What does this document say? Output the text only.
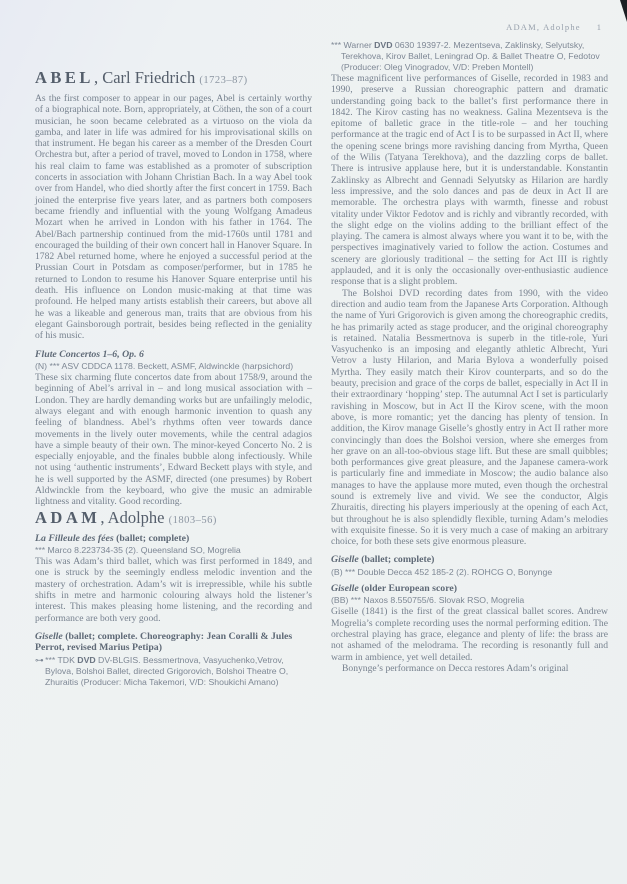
ADAM, Adolphe 1
ABEL, Carl Friedrich (1723–87)

As the first composer to appear in our pages, Abel is certainly worthy of a biographical note. Born, appropriately, at Cöthen, the son of a court musician, he soon became celebrated as a virtuoso on the viola da gamba, and later in life was admired for his improvisational skills on that instrument. He began his career as a member of the Dresden Court Orchestra but, after a period of travel, moved to London in 1758, where his real claim to fame was established as a promoter of subscription concerts in association with Johann Christian Bach. In a way Abel took over from Handel, who died shortly after the first concert in 1759. Bach joined the enterprise five years later, and as partners both composers became friendly and influential with the young Wolfgang Amadeus Mozart when he arrived in London with his father in 1764. The Abel/Bach partnership continued from the mid-1760s until 1781 and encouraged the building of their own concert hall in Hanover Square. In 1782 Abel returned home, where he enjoyed a successful period at the Prussian Court in Potsdam as composer/performer, but in 1785 he returned to London to resume his Hanover Square enterprise until his death. His influence on London music-making at that time was profound. He helped many artists establish their careers, but above all he was a likeable and generous man, traits that are obvious from his elegant Gainsborough portrait, besides being reflected in the geniality of his music.

Flute Concertos 1–6, Op. 6

(N) *** ASV CDDCA 1178. Beckett, ASMF, Aldwinckle (harpsichord)

These six charming flute concertos date from about 1758/9, around the beginning of Abel’s arrival in – and long musical association with – London. They are hardly demanding works but are unfailingly melodic, always elegant and with enough harmonic invention to quash any feeling of blandness. Abel’s rhythms often veer towards dance movements in the lively outer movements, while the central adagios have a simple beauty of their own. The minor-keyed Concerto No. 2 is especially enjoyable, and the finales bubble along infectiously. While not using ‘authentic instruments’, Edward Beckett plays with style, and he is well supported by the ASMF, directed (one presumes) by Robert Aldwinckle from the keyboard, who give the music an admirable lightness and vitality. Good recording.

ADAM, Adolphe (1803–56)

La Filleule des fées (ballet; complete)

*** Marco 8.223734-35 (2). Queensland SO, Mogrelia

This was Adam’s third ballet, which was first performed in 1849, and one is struck by the seemingly endless melodic invention and the mastery of orchestration. Adam’s wit is irrepressible, while his subtle shifts in metre and harmonic colouring always hold the listener’s interest. This makes pleasing home listening, and the recording and performance are both very good.

Giselle (ballet; complete. Choreography: Jean Coralli & Jules Perrot, revised Marius Petipa)

⊶ *** TDK DVD DV-BLGIS. Bessmertnova, Vasyuchenko,Vetrov, Bylova, Bolshoi Ballet, directed Grigorovich, Bolshoi Theatre O, Zhuraitis (Producer: Micha Takemori, V/D: Shoukichi Amano)

*** Warner DVD 0630 19397-2. Mezentseva, Zaklinsky, Selyutsky, Terekhova, Kirov Ballet, Leningrad Op. & Ballet Theatre O, Fedotov (Producer: Oleg Vinogradov, V/D: Preben Montell)

These magnificent live performances of Giselle, recorded in 1983 and 1990, preserve a Russian choreographic pattern and dramatic understanding going back to the ballet’s first performance there in 1842. The Kirov casting has no weakness. Galina Mezentseva is the epitome of balletic grace in the title-role – and her touching performance at the tragic end of Act I is to be surpassed in Act II, where the opening scene brings more ravishing dancing from Myrtha, Queen of the Wilis (Tatyana Terekhova), and the dazzling corps de ballet. There is intrusive applause here, but it is understandable. Konstantin Zaklinsky as Albrecht and Gennadi Selyutsky as Hilarion are hardly less impressive, and the solo dances and pas de deux in Act II are memorable. The orchestra plays with warmth, finesse and robust vitality under Viktor Fedotov and is richly and vibrantly recorded, with the slight edge on the violins adding to the brilliant effect of the playing. The camera is almost always where you want it to be, with the perspectives imaginatively varied to follow the action. Costumes and scenery are gloriously traditional – the setting for Act III is rightly applauded, and it is only the occasionally over-enthusiastic audience response that is a slight problem.

The Bolshoi DVD recording dates from 1990, with the video direction and audio team from the Japanese Arts Corporation. Although the name of Yuri Grigorovich is given among the choreographic credits, he has primarily acted as stage producer, and the original choreography is retained. Natalia Bessmertnova is superb in the title-role, Yuri Vasyuchenko is an imposing and elegantly athletic Albrecht, Yuri Vetrov a lusty Hilarion, and Maria Bylova a wonderfully poised Myrtha. They easily match their Kirov counterparts, and so do the beauty, precision and grace of the corps de ballet, especially in Act II in their extraordinary ‘hopping’ step. The autumnal Act I set is particularly ravishing in Moscow, but in Act II the Kirov scene, with the moon above, is more romantic; yet the dancing has plenty of tension. In addition, the Kirov manage Giselle’s ghostly entry in Act II rather more convincingly than does the Bolshoi version, where she emerges from her grave on an all-too-obvious stage lift. But these are small quibbles; both performances give great pleasure, and the Japanese camera-work is particularly fine and immediate in Moscow; the audio balance also manages to have the applause more muted, even though the orchestral sound is extremely live and vivid. We see the conductor, Algis Zhuraitis, directing his players imperiously at the opening of each Act, but throughout he is also splendidly flexible, turning Adam’s melodies with exquisite finesse. So it is very much a case of making an arbitrary choice, for both these sets give enormous pleasure.

Giselle (ballet; complete)

(B) *** Double Decca 452 185-2 (2). ROHCG O, Bonynge

Giselle (older European score)

(BB) *** Naxos 8.550755/6. Slovak RSO, Mogrelia

Giselle (1841) is the first of the great classical ballet scores. Andrew Mogrelia’s complete recording uses the normal performing edition. The orchestral playing has grace, elegance and plenty of life: the brass are not ashamed of the melodrama. The recording is resonantly full and warm in ambience, yet well detailed.

Bonynge’s performance on Decca restores Adam’s original
